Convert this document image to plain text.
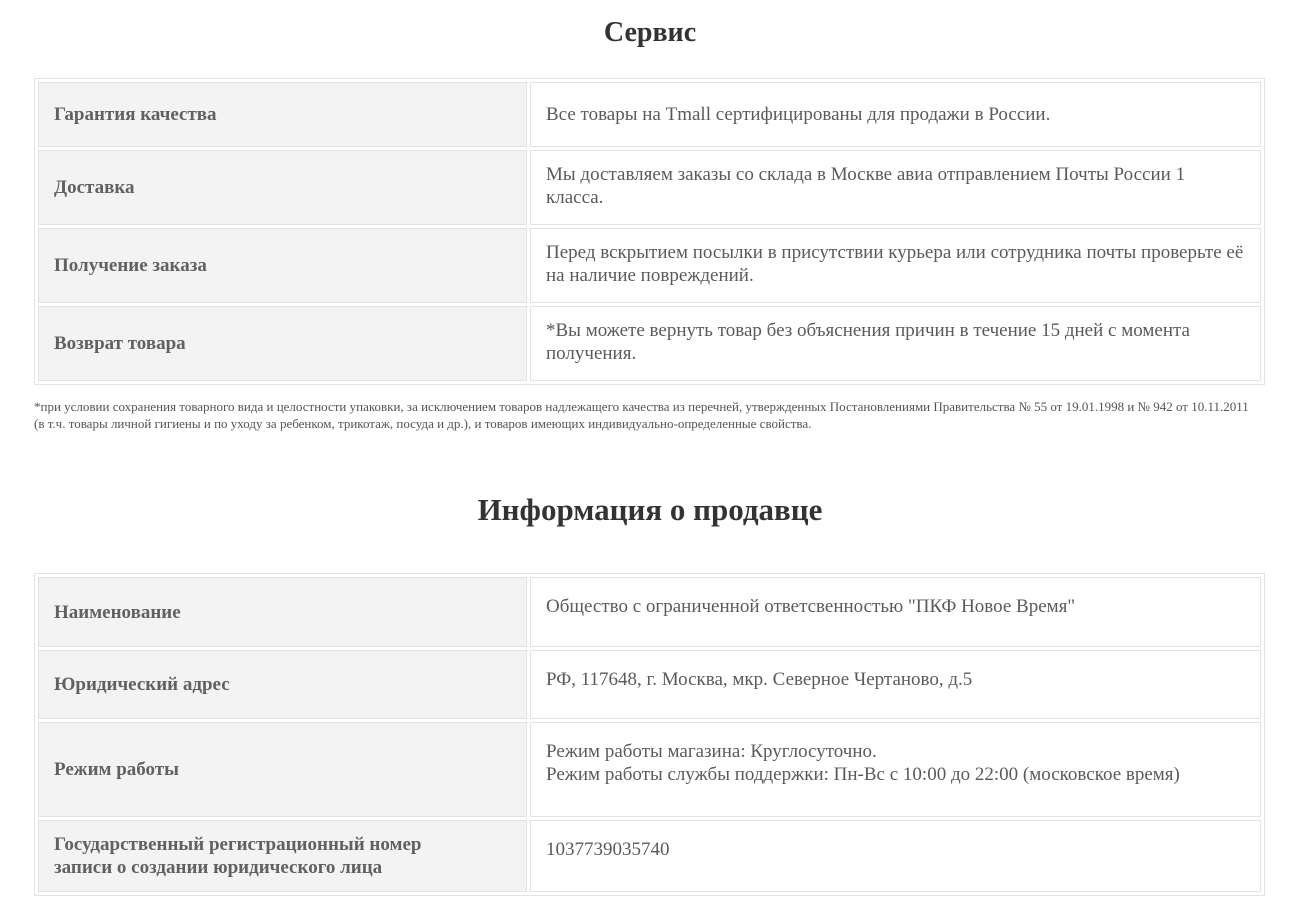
Сервис
Гарантия качества	Все товары на Tmall сертифицированы для продажи в России.
Доставка	Мы доставляем заказы со склада в Москве авиа отправлением Почты России 1 класса.
Получение заказа	Перед вскрытием посылки в присутствии курьера или сотрудника почты проверьте её на наличие повреждений.
Возврат товара	*Вы можете вернуть товар без объяснения причин в течение 15 дней с момента получения.
*при условии сохранения товарного вида и целостности упаковки, за исключением товаров надлежащего качества из перечней, утвержденных Постановлениями Правительства № 55 от 19.01.1998 и № 942 от 10.11.2011 (в т.ч. товары личной гигиены и по уходу за ребенком, трикотаж, посуда и др.), и товаров имеющих индивидуально-определенные свойства.
Информация о продавце
Наименование	Общество с ограниченной ответсвенностью "ПКФ Новое Время"
Юридический адрес	РФ, 117648, г. Москва, мкр. Северное Чертаново, д.5
Режим работы	Режим работы магазина: Круглосуточно.
Режим работы службы поддержки: Пн-Вс с 10:00 до 22:00 (московское время)
Государственный регистрационный номер
записи о создании юридического лица	1037739035740
